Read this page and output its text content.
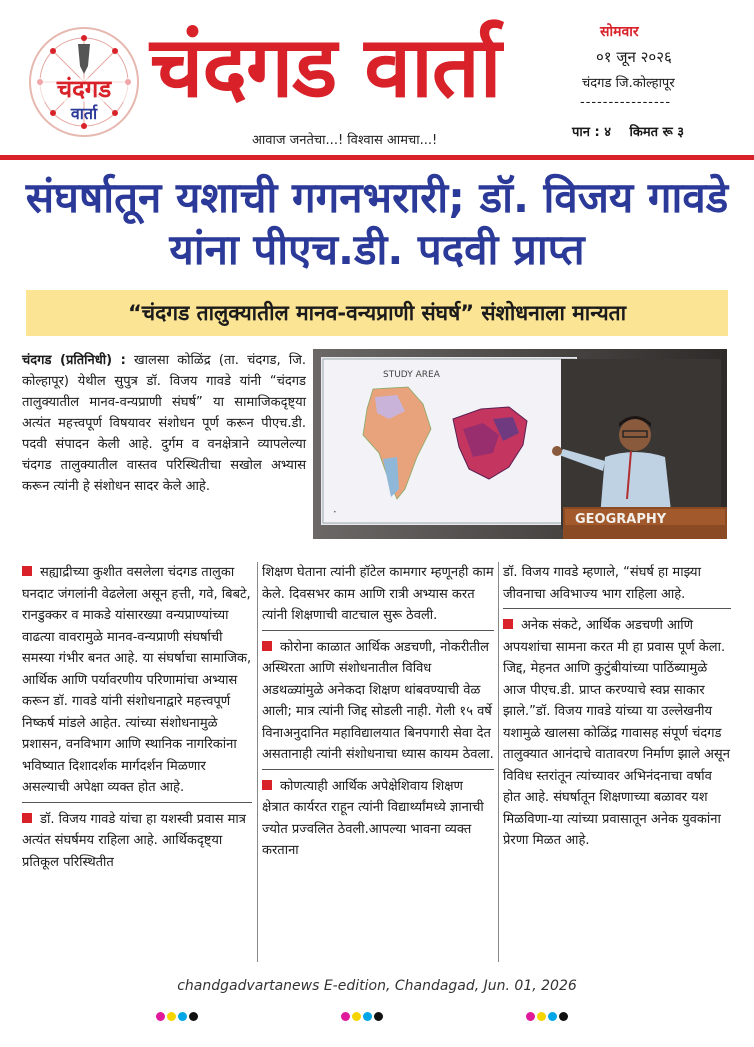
चंदगड
वार्ता चंदगड वार्ता
आवाज जनतेचा...! विश्वास आमचा...!
सोमवार
०१ जून २०२६
चंदगड जि.कोल्हापूर
----------------
पान : ४ किमत रू ३
संघर्षातून यशाची गगनभरारी; डॉ. विजय गावडे यांना पीएच.डी. पदवी प्राप्त
“चंदगड तालुक्यातील मानव-वन्यप्राणी संघर्ष” संशोधनाला मान्यता
चंदगड (प्रतिनिधी) : खालसा कोळिंद्र (ता. चंदगड, जि. कोल्हापूर) येथील सुपुत्र डॉ. विजय गावडे यांनी “चंदगड तालुक्यातील मानव-वन्यप्राणी संघर्ष” या सामाजिकदृष्ट्या अत्यंत महत्त्वपूर्ण विषयावर संशोधन पूर्ण करून पीएच.डी. पदवी संपादन केली आहे. दुर्गम व वनक्षेत्राने व्यापलेल्या चंदगड तालुक्यातील वास्तव परिस्थितीचा सखोल अभ्यास करून त्यांनी हे संशोधन सादर केले आहे.
STUDY AREA
•	GEOGRAPHY

सह्याद्रीच्या कुशीत वसलेला चंदगड तालुका घनदाट जंगलांनी वेढलेला असून हत्ती, गवे, बिबटे, रानडुक्कर व माकडे यांसारख्या वन्यप्राण्यांच्या वाढत्या वावरामुळे मानव-वन्यप्राणी संघर्षाची समस्या गंभीर बनत आहे. या संघर्षाचा सामाजिक, आर्थिक आणि पर्यावरणीय परिणामांचा अभ्यास करून डॉ. गावडे यांनी संशोधनाद्वारे महत्त्वपूर्ण निष्कर्ष मांडले आहेत. त्यांच्या संशोधनामुळे प्रशासन, वनविभाग आणि स्थानिक नागरिकांना भविष्यात दिशादर्शक मार्गदर्शन मिळणार असल्याची अपेक्षा व्यक्त होत आहे.

डॉ. विजय गावडे यांचा हा यशस्वी प्रवास मात्र अत्यंत संघर्षमय राहिला आहे. आर्थिकदृष्ट्या प्रतिकूल परिस्थितीत

शिक्षण घेताना त्यांनी हॉटेल कामगार म्हणूनही काम केले. दिवसभर काम आणि रात्री अभ्यास करत त्यांनी शिक्षणाची वाटचाल सुरू ठेवली.

कोरोना काळात आर्थिक अडचणी, नोकरीतील अस्थिरता आणि संशोधनातील विविध अडथळ्यांमुळे अनेकदा शिक्षण थांबवण्याची वेळ आली; मात्र त्यांनी जिद्द सोडली नाही. गेली १५ वर्षे विनाअनुदानित महाविद्यालयात बिनपगारी सेवा देत असतानाही त्यांनी संशोधनाचा ध्यास कायम ठेवला.

कोणत्याही आर्थिक अपेक्षेशिवाय शिक्षण क्षेत्रात कार्यरत राहून त्यांनी विद्यार्थ्यांमध्ये ज्ञानाची ज्योत प्रज्वलित ठेवली.आपल्या भावना व्यक्त करताना

डॉ. विजय गावडे म्हणाले, “संघर्ष हा माझ्या जीवनाचा अविभाज्य भाग राहिला आहे.

अनेक संकटे, आर्थिक अडचणी आणि अपयशांचा सामना करत मी हा प्रवास पूर्ण केला. जिद्द, मेहनत आणि कुटुंबीयांच्या पाठिंब्यामुळे आज पीएच.डी. प्राप्त करण्याचे स्वप्न साकार झाले.”डॉ. विजय गावडे यांच्या या उल्लेखनीय यशामुळे खालसा कोळिंद्र गावासह संपूर्ण चंदगड तालुक्यात आनंदाचे वातावरण निर्माण झाले असून विविध स्तरांतून त्यांच्यावर अभिनंदनाचा वर्षाव होत आहे. संघर्षातून शिक्षणाच्या बळावर यश मिळविणा-या त्यांच्या प्रवासातून अनेक युवकांना प्रेरणा मिळत आहे.

chandgadvartanews E-edition, Chandagad, Jun. 01, 2026
